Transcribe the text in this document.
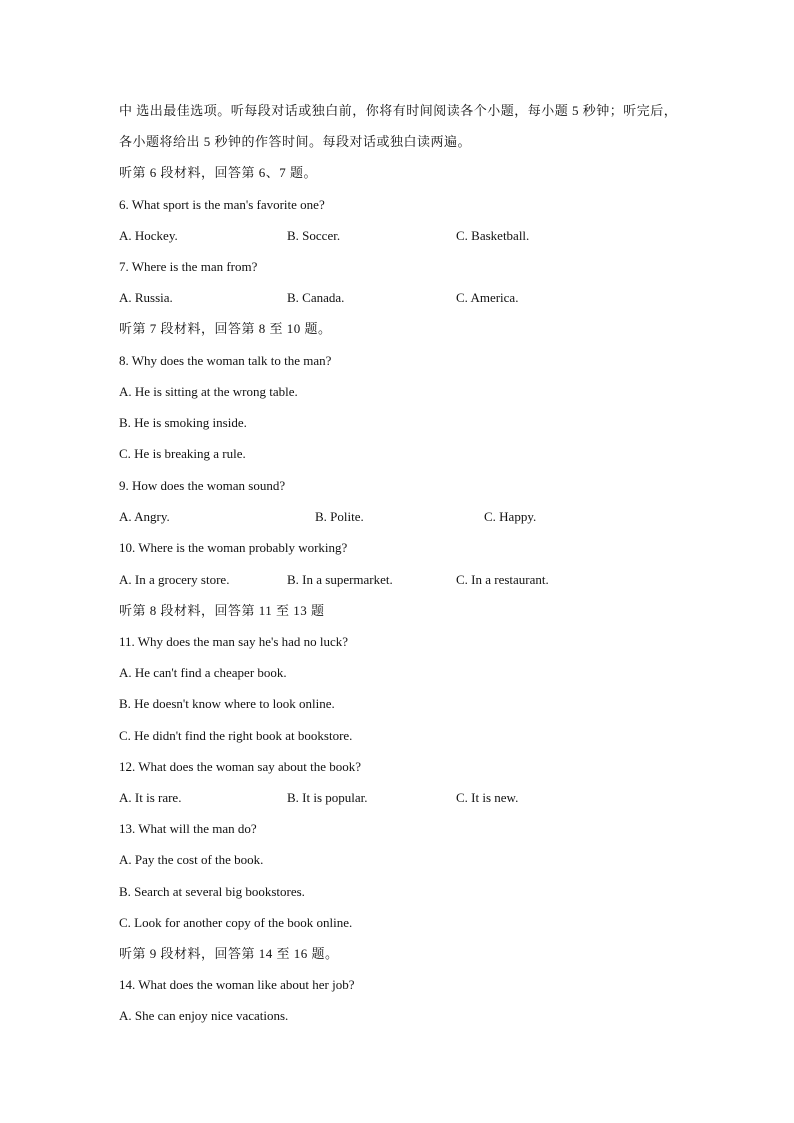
中 选出最佳选项。听每段对话或独白前，你将有时间阅读各个小题，每小题 5 秒钟；听完后，
各小题将给出 5 秒钟的作答时间。每段对话或独白读两遍。
听第 6 段材料，回答第 6、7 题。
6. What sport is the man's favorite one?
A. Hockey.	B. Soccer.	C. Basketball.
7. Where is the man from?
A. Russia.	B. Canada.	C. America.
听第 7 段材料，回答第 8 至 10 题。
8. Why does the woman talk to the man?
A. He is sitting at the wrong table.
B. He is smoking inside.
C. He is breaking a rule.
9. How does the woman sound?
A. Angry.	B. Polite.	C. Happy.
10. Where is the woman probably working?
A. In a grocery store.	B. In a supermarket.	C. In a restaurant.
听第 8 段材料，回答第 11 至 13 题
11. Why does the man say he's had no luck?
A. He can't find a cheaper book.
B. He doesn't know where to look online.
C. He didn't find the right book at bookstore.
12. What does the woman say about the book?
A. It is rare.	B. It is popular.	C. It is new.
13. What will the man do?
A. Pay the cost of the book.
B. Search at several big bookstores.
C. Look for another copy of the book online.
听第 9 段材料，回答第 14 至 16 题。
14. What does the woman like about her job?
A. She can enjoy nice vacations.
